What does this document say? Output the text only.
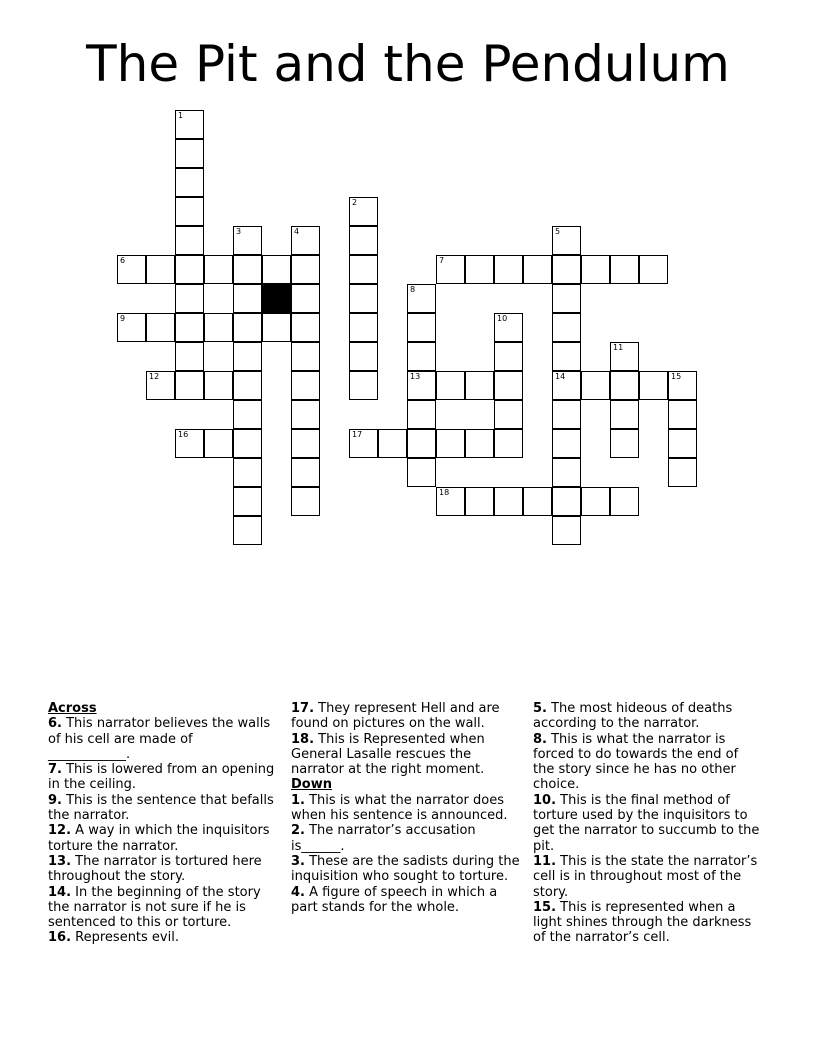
The Pit and the Pendulum
1
2
3	4	5
14
6	7
8
13
9	10
11
12	15
16	17
18

Across

6. This narrator believes the walls of his cell are made of ____________.

7. This is lowered from an opening in the ceiling.

9. This is the sentence that befalls the narrator.

12. A way in which the inquisitors torture the narrator.

13. The narrator is tortured here throughout the story.

14. In the beginning of the story the narrator is not sure if he is sentenced to this or torture.

16. Represents evil.

17. They represent Hell and are found on pictures on the wall.

18. This is Represented when General Lasalle rescues the narrator at the right moment.

Down

1. This is what the narrator does when his sentence is announced.

2. The narrator’s accusation is______.

3. These are the sadists during the inquisition who sought to torture.

4. A figure of speech in which a part stands for the whole.

5. The most hideous of deaths according to the narrator.

8. This is what the narrator is forced to do towards the end of the story since he has no other choice.

10. This is the final method of torture used by the inquisitors to get the narrator to succumb to the pit.

11. This is the state the narrator’s cell is in throughout most of the story.

15. This is represented when a light shines through the darkness of the narrator’s cell.
